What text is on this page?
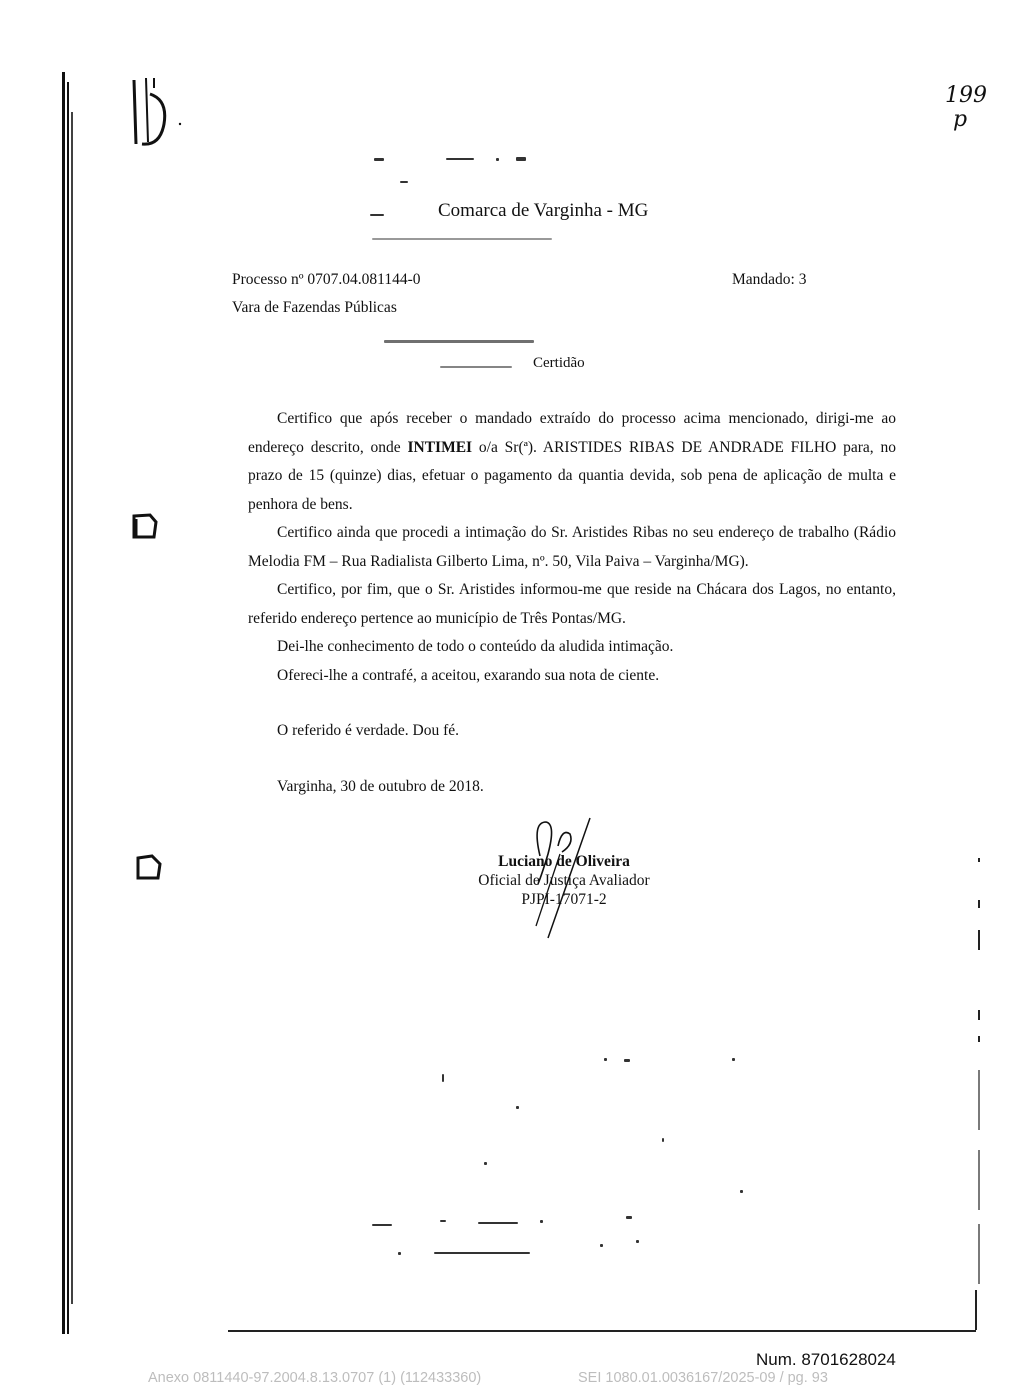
199
p
Comarca de Varginha - MG
Processo nº 0707.04.081144-0
Vara de Fazendas Públicas
Mandado: 3
Certidão

Certifico que após receber o mandado extraído do processo acima mencionado, dirigi-me ao endereço descrito, onde INTIMEI o/a Sr(ª). ARISTIDES RIBAS DE ANDRADE FILHO para, no prazo de 15 (quinze) dias, efetuar o pagamento da quantia devida, sob pena de aplicação de multa e penhora de bens.

Certifico ainda que procedi a intimação do Sr. Aristides Ribas no seu endereço de trabalho (Rádio Melodia FM – Rua Radialista Gilberto Lima, nº. 50, Vila Paiva – Varginha/MG).

Certifico, por fim, que o Sr. Aristides informou-me que reside na Chácara dos Lagos, no entanto, referido endereço pertence ao município de Três Pontas/MG.

Dei-lhe conhecimento de todo o conteúdo da aludida intimação.

Ofereci-lhe a contrafé, a aceitou, exarando sua nota de ciente.

O referido é verdade. Dou fé.

Varginha, 30 de outubro de 2018.

Luciano de Oliveira
Oficial de Justiça Avaliador
PJPI-17071-2
Num. 8701628024
Anexo 0811440-97.2004.8.13.0707 (1) (112433360)	SEI 1080.01.0036167/2025-09 / pg. 93
